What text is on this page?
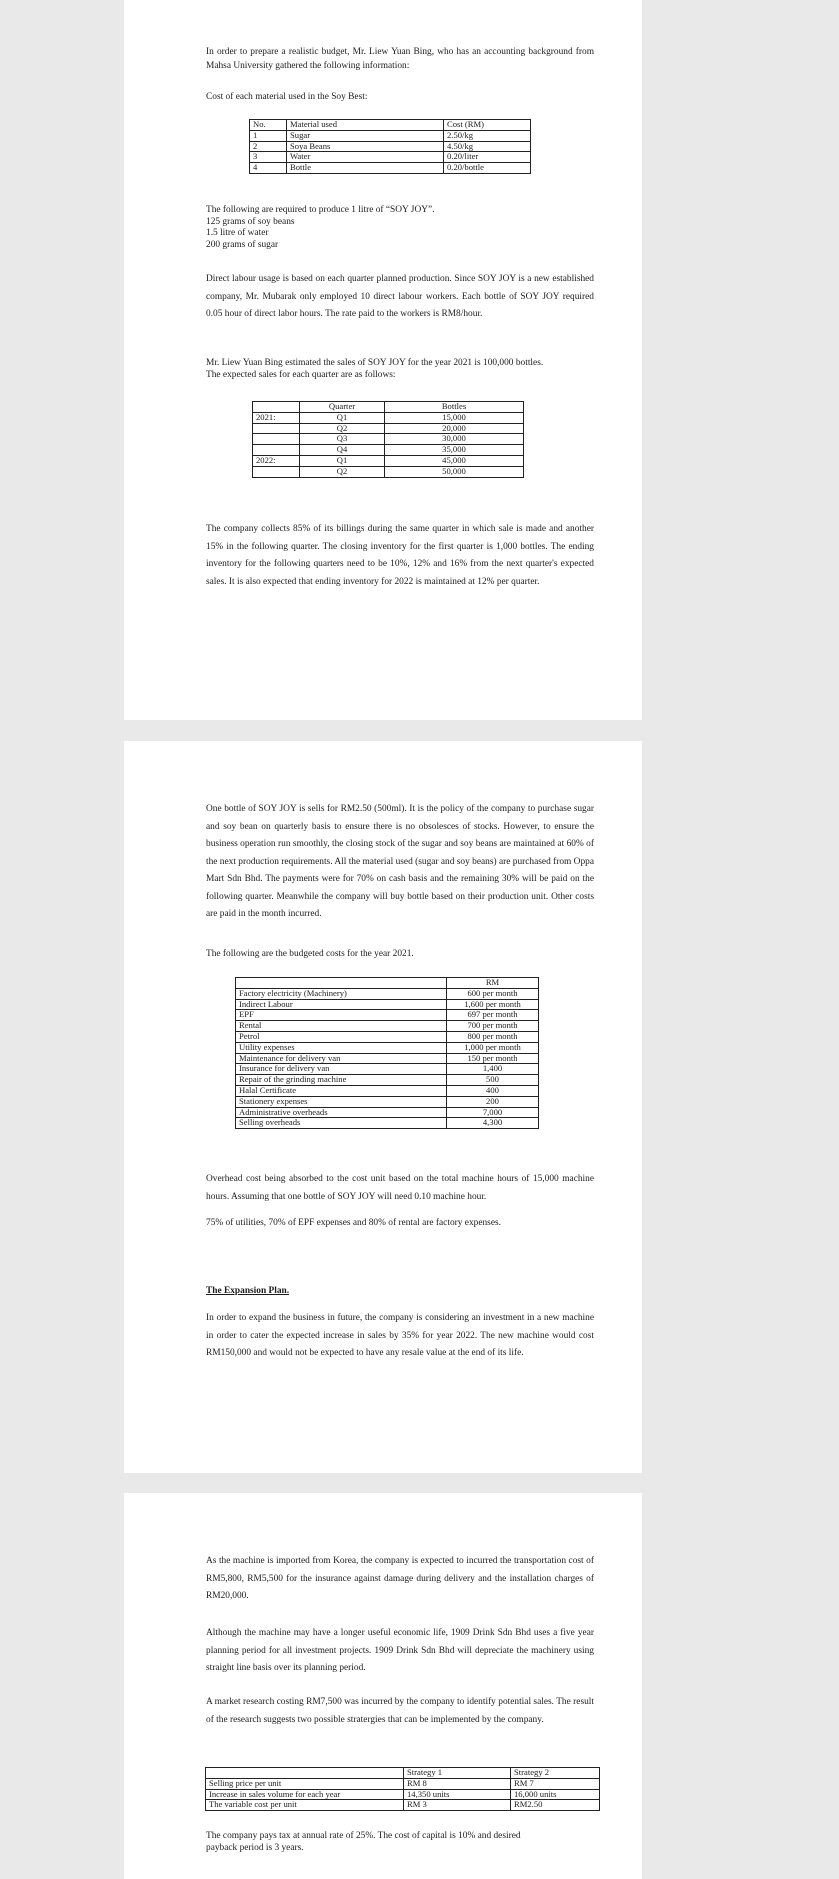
In order to prepare a realistic budget, Mr. Liew Yuan Bing, who has an accounting background from Mahsa University gathered the following information:

Cost of each material used in the Soy Best:

No.	Material used	Cost (RM)
1	Sugar	2.50/kg
2	Soya Beans	4.50/kg
3	Water	0.20/liter
4	Bottle	0.20/bottle
The following are required to produce 1 litre of “SOY JOY”.
125 grams of soy beans
1.5 litre of water
200 grams of sugar

Direct labour usage is based on each quarter planned production. Since SOY JOY is a new established company, Mr. Mubarak only employed 10 direct labour workers. Each bottle of SOY JOY required 0.05 hour of direct labor hours. The rate paid to the workers is RM8/hour.

Mr. Liew Yuan Bing estimated the sales of SOY JOY for the year 2021 is 100,000 bottles.
The expected sales for each quarter are as follows:
	Quarter	Bottles
2021:	Q1	15,000
	Q2	20,000
	Q3	30,000
	Q4	35,000
2022:	Q1	45,000
	Q2	50,000

The company collects 85% of its billings during the same quarter in which sale is made and another 15% in the following quarter. The closing inventory for the first quarter is 1,000 bottles. The ending inventory for the following quarters need to be 10%, 12% and 16% from the next quarter's expected sales. It is also expected that ending inventory for 2022 is maintained at 12% per quarter.

One bottle of SOY JOY is sells for RM2.50 (500ml). It is the policy of the company to purchase sugar and soy bean on quarterly basis to ensure there is no obsolesces of stocks. However, to ensure the business operation run smoothly, the closing stock of the sugar and soy beans are maintained at 60% of the next production requirements. All the material used (sugar and soy beans) are purchased from Oppa Mart Sdn Bhd. The payments were for 70% on cash basis and the remaining 30% will be paid on the following quarter. Meanwhile the company will buy bottle based on their production unit. Other costs are paid in the month incurred.

The following are the budgeted costs for the year 2021.

	RM
Factory electricity (Machinery)	600 per month
Indirect Labour	1,600 per month
EPF	697 per month
Rental	700 per month
Petrol	800 per month
Utility expenses	1,000 per month
Maintenance for delivery van	150 per month
Insurance for delivery van	1,400
Repair of the grinding machine	500
Halal Certificate	400
Stationery expenses	200
Administrative overheads	7,000
Selling overheads	4,300

Overhead cost being absorbed to the cost unit based on the total machine hours of 15,000 machine hours. Assuming that one bottle of SOY JOY will need 0.10 machine hour.

75% of utilities, 70% of EPF expenses and 80% of rental are factory expenses.

The Expansion Plan.

In order to expand the business in future, the company is considering an investment in a new machine in order to cater the expected increase in sales by 35% for year 2022. The new machine would cost RM150,000 and would not be expected to have any resale value at the end of its life.

As the machine is imported from Korea, the company is expected to incurred the transportation cost of RM5,800, RM5,500 for the insurance against damage during delivery and the installation charges of RM20,000.

Although the machine may have a longer useful economic life, 1909 Drink Sdn Bhd uses a five year planning period for all investment projects. 1909 Drink Sdn Bhd will depreciate the machinery using straight line basis over its planning period.

A market research costing RM7,500 was incurred by the company to identify potential sales. The result of the research suggests two possible stratergies that can be implemented by the company.

	Strategy 1	Strategy 2
Selling price per unit	RM 8	RM 7
Increase in sales volume for each year	14,350 units	16,000 units
The variable cost per unit	RM 3	RM2.50
The company pays tax at annual rate of 25%. The cost of capital is 10% and desired
payback period is 3 years.
